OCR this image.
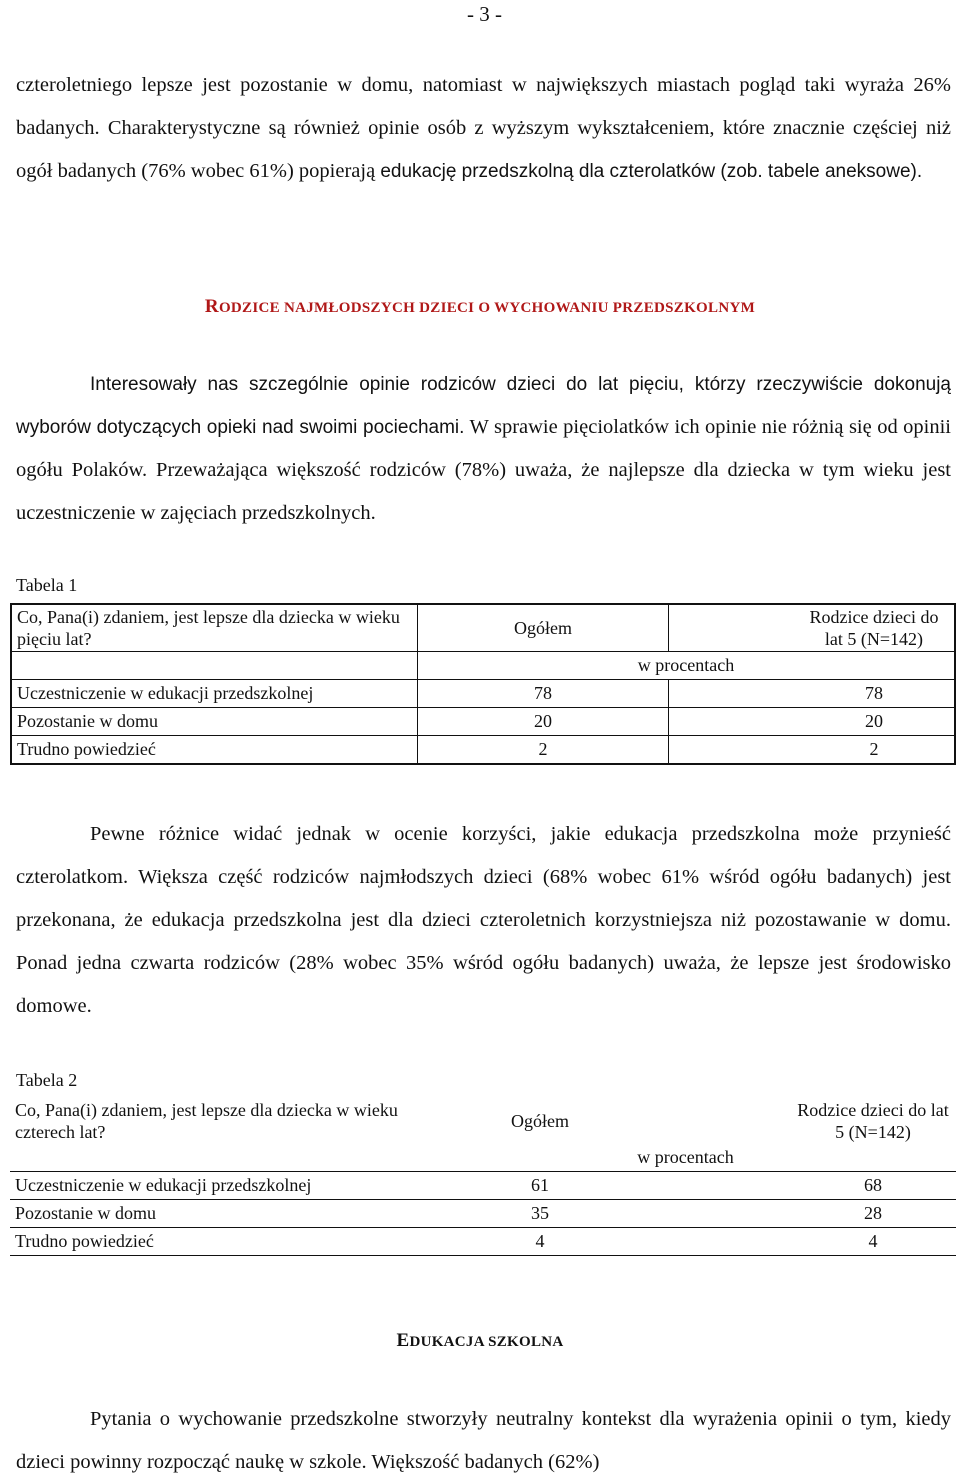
- 3 -

czteroletniego lepsze jest pozostanie w domu, natomiast w największych miastach pogląd taki wyraża 26% badanych. Charakterystyczne są również opinie osób z wyższym wykształceniem, które znacznie częściej niż ogół badanych (76% wobec 61%) popierają edukację przedszkolną dla czterolatków (zob. tabele aneksowe).

RODZICE NAJMŁODSZYCH DZIECI O WYCHOWANIU PRZEDSZKOLNYM

Interesowały nas szczególnie opinie rodziców dzieci do lat pięciu, którzy rzeczywiście dokonują wyborów dotyczących opieki nad swoimi pociechami. W sprawie pięciolatków ich opinie nie różnią się od opinii ogółu Polaków. Przeważająca większość rodziców (78%) uważa, że najlepsze dla dziecka w tym wieku jest uczestniczenie w zajęciach przedszkolnych.

Tabela 1

Co, Pana(i) zdaniem, jest lepsze dla dziecka w wieku pięciu lat?	Ogółem	Rodzice dzieci do lat 5 (N=142)

	w procentach	
Uczestniczenie w edukacji przedszkolnej	78	78
Pozostanie w domu	20	20
Trudno powiedzieć	2	2

Pewne różnice widać jednak w ocenie korzyści, jakie edukacja przedszkolna może przynieść czterolatkom. Większa część rodziców najmłodszych dzieci (68% wobec 61% wśród ogółu badanych) jest przekonana, że edukacja przedszkolna jest dla dzieci czteroletnich korzystniejsza niż pozostawanie w domu. Ponad jedna czwarta rodziców (28% wobec 35% wśród ogółu badanych) uważa, że lepsze jest środowisko domowe.

Tabela 2

Co, Pana(i) zdaniem, jest lepsze dla dziecka w wieku czterech lat?	Ogółem	Rodzice dzieci do lat 5 (N=142)

	w procentach	
Uczestniczenie w edukacji przedszkolnej	61	68
Pozostanie w domu	35	28
Trudno powiedzieć	4	4
EDUKACJA SZKOLNA

Pytania o wychowanie przedszkolne stworzyły neutralny kontekst dla wyrażenia opinii o tym, kiedy dzieci powinny rozpocząć naukę w szkole. Większość badanych (62%)
